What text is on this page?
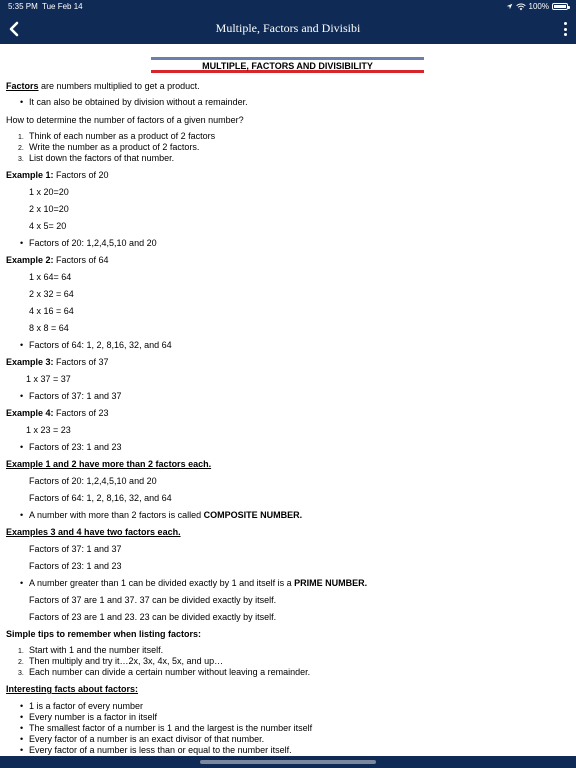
5:35 PM Tue Feb 14	100%
Multiple, Factors and Divisibi
MULTIPLE, FACTORS AND DIVISIBILITY
Factors are numbers multiplied to get a product.
• It can also be obtained by division without a remainder.
How to determine the number of factors of a given number?
1. Think of each number as a product of 2 factors
2. Write the number as a product of 2 factors.
3. List down the factors of that number.
Example 1: Factors of 20
1 x 20=20
2 x 10=20
4 x 5= 20
• Factors of 20: 1,2,4,5,10 and 20
Example 2: Factors of 64
1 x 64= 64
2 x 32 = 64
4 x 16 = 64
8 x 8 = 64
• Factors of 64: 1, 2, 8,16, 32, and 64
Example 3: Factors of 37
1 x 37 = 37
• Factors of 37: 1 and 37
Example 4: Factors of 23
1 x 23 = 23
• Factors of 23: 1 and 23
Example 1 and 2 have more than 2 factors each.
Factors of 20: 1,2,4,5,10 and 20
Factors of 64: 1, 2, 8,16, 32, and 64
• A number with more than 2 factors is called COMPOSITE NUMBER.
Examples 3 and 4 have two factors each.
Factors of 37: 1 and 37
Factors of 23: 1 and 23
• A number greater than 1 can be divided exactly by 1 and itself is a PRIME NUMBER.
Factors of 37 are 1 and 37. 37 can be divided exactly by itself.
Factors of 23 are 1 and 23. 23 can be divided exactly by itself.
Simple tips to remember when listing factors:
1. Start with 1 and the number itself.
2. Then multiply and try it…2x, 3x, 4x, 5x, and up…
3. Each number can divide a certain number without leaving a remainder.
Interesting facts about factors:
• 1 is a factor of every number
• Every number is a factor in itself
• The smallest factor of a number is 1 and the largest is the number itself
• Every factor of a number is an exact divisor of that number.
• Every factor of a number is less than or equal to the number itself.
